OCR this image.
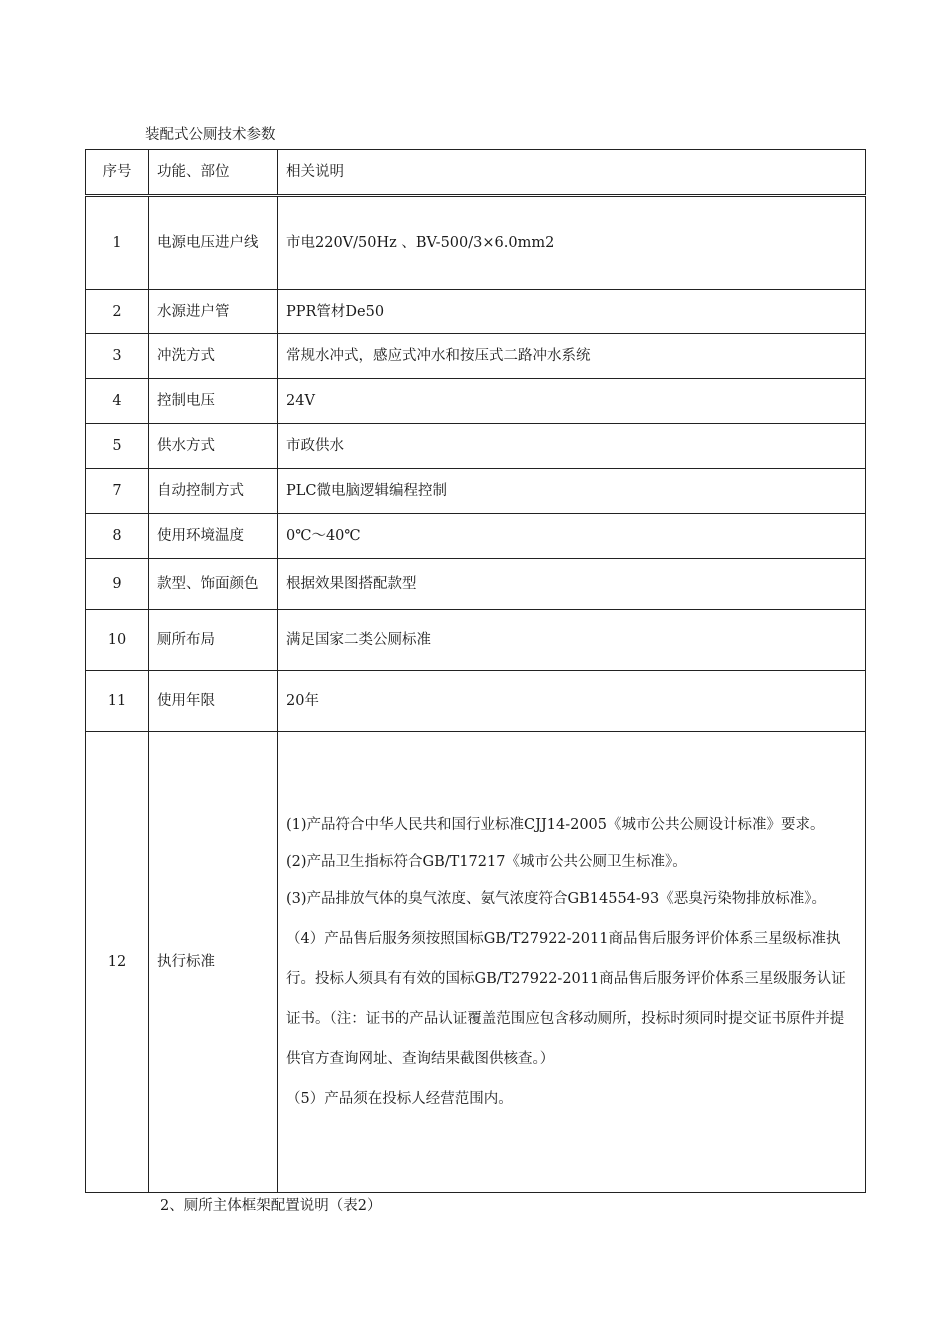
装配式公厕技术参数
序号	功能、部位	相关说明
1	电源电压进户线	市电220V/50Hz 、BV-500/3×6.0mm2
2	水源进户管	PPR管材De50
3	冲洗方式	常规水冲式，感应式冲水和按压式二路冲水系统
4	控制电压	24V
5	供水方式	市政供水
7	自动控制方式	PLC微电脑逻辑编程控制
8	使用环境温度	0℃～40℃
9	款型、饰面颜色	根据效果图搭配款型
10	厕所布局	满足国家二类公厕标准
11	使用年限	20年
12	执行标准	(1)产品符合中华人民共和国行业标准CJJ14-2005《城市公共公厕设计标准》要求。

(2)产品卫生指标符合GB/T17217《城市公共公厕卫生标准》。

(3)产品排放气体的臭气浓度、氨气浓度符合GB14554-93《恶臭污染物排放标准》。

（4）产品售后服务须按照国标GB/T27922-2011商品售后服务评价体系三星级标准执行。投标人须具有有效的国标GB/T27922-2011商品售后服务评价体系三星级服务认证证书。（注：证书的产品认证覆盖范围应包含移动厕所，投标时须同时提交证书原件并提供官方查询网址、查询结果截图供核查。）

（5）产品须在投标人经营范围内。

2、厕所主体框架配置说明（表2）
